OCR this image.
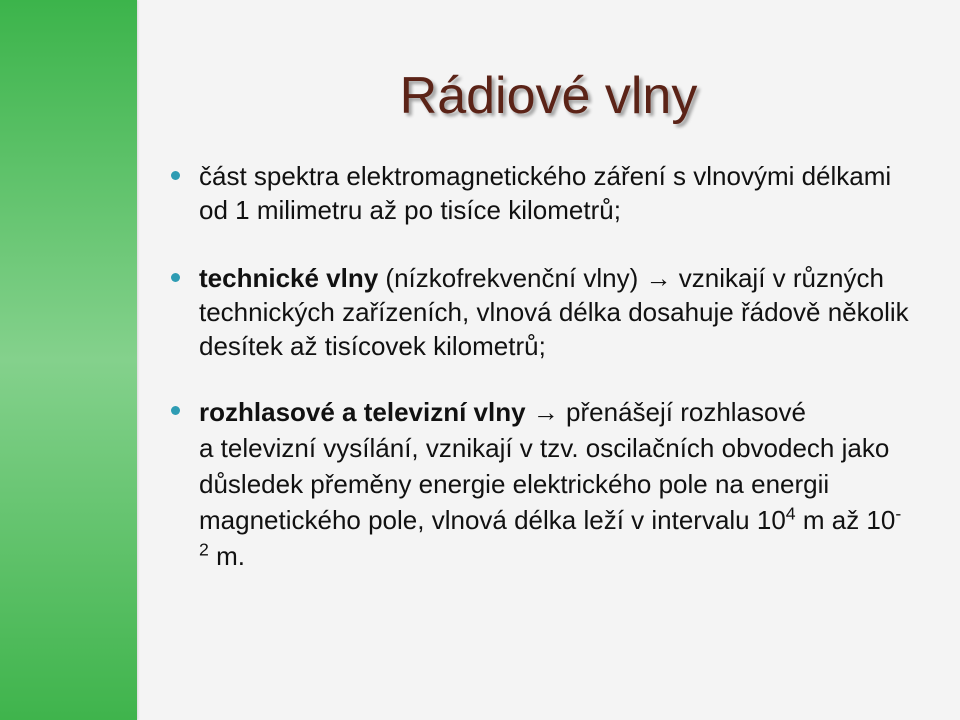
Rádiové vlny
část spektra elektromagnetického záření s vlnovými délkami
od 1 milimetru až po tisíce kilometrů;
technické vlny (nízkofrekvenční vlny) → vznikají v různých
technických zařízeních, vlnová délka dosahuje řádově několik
desítek až tisícovek kilometrů;
rozhlasové a televizní vlny → přenášejí rozhlasové
a televizní vysílání, vznikají v tzv. oscilačních obvodech jako
důsledek přeměny energie elektrického pole na energii
magnetického pole, vlnová délka leží v intervalu $10^4$ m až 10-
$^2$ m.
